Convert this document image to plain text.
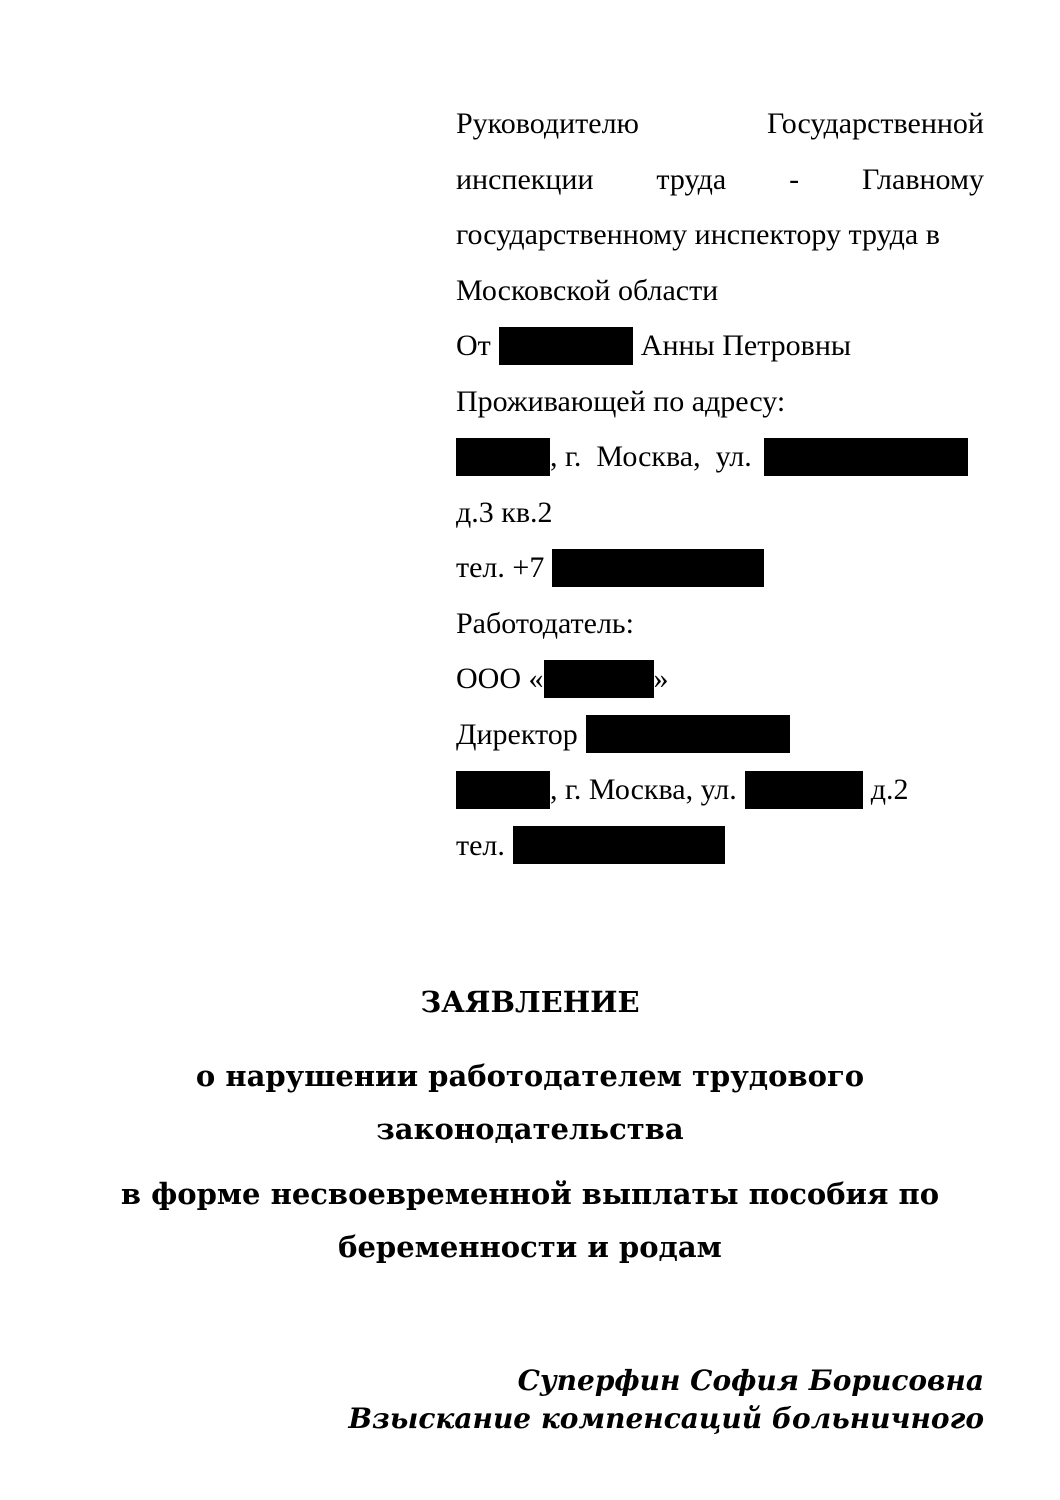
Руководителю	Государственной
инспекции труда - Главному
государственному инспектору труда в
Московской области
От	Анны Петровны
Проживающей по адресу:
, г.  Москва,  ул.
д.3 кв.2
тел. +7
Работодатель:
ООО «	»
Директор
, г. Москва, ул.	д.2
тел.
ЗАЯВЛЕНИЕ
о нарушении работодателем трудового
законодательства
в форме несвоевременной выплаты пособия по
беременности и родам
Суперфин София Борисовна
Взыскание компенсаций больничного
